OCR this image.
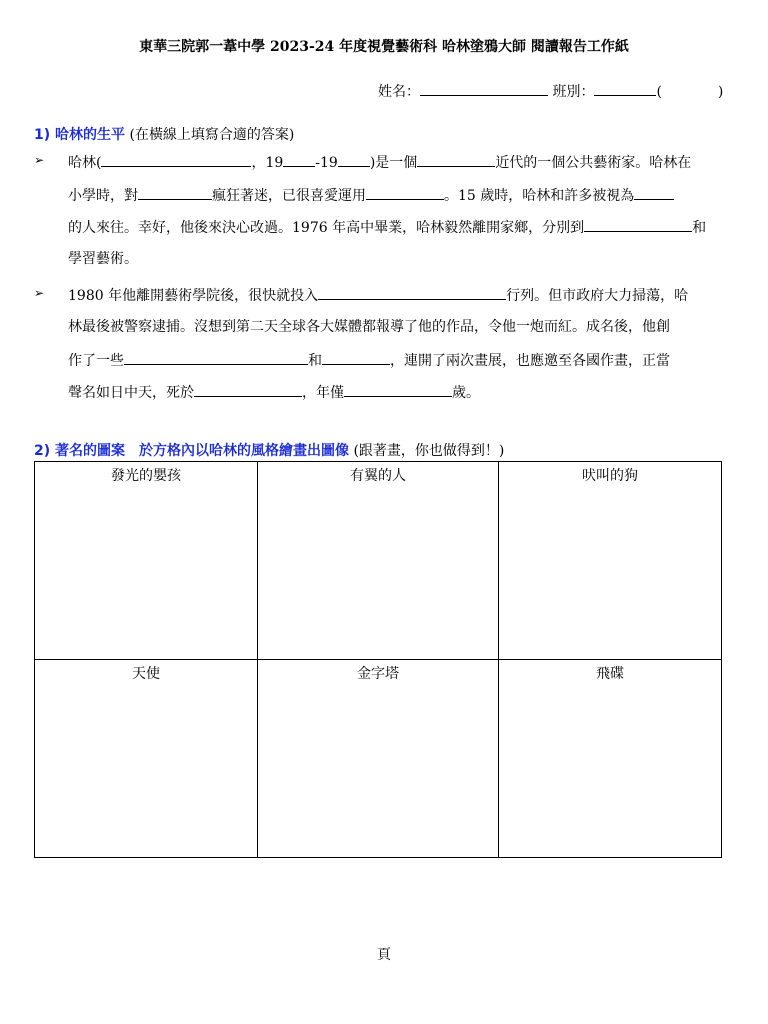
東華三院郭一葦中學 2023-24 年度視覺藝術科 哈林塗鴉大師 閱讀報告工作紙
姓名：	班別：	(	)
1) 哈林的生平 (在橫線上填寫合適的答案)
➢ 哈林(	，19 -19 )是一個	近代的一個公共藝術家。哈林在
小學時，對	瘋狂著迷，已很喜愛運用	。15 歲時，哈林和許多被視為
的人來往。幸好，他後來決心改過。1976 年高中畢業，哈林毅然離開家鄉，分別到	和
學習藝術。
➢ 1980 年他離開藝術學院後，很快就投入	行列。但市政府大力掃蕩，哈
林最後被警察逮捕。沒想到第二天全球各大媒體都報導了他的作品，令他一炮而紅。成名後，他創
作了一些	和	，連開了兩次畫展，也應邀至各國作畫，正當
聲名如日中天，死於	，年僅	歲。
2) 著名的圖案　於方格內以哈林的風格繪畫出圖像 (跟著畫，你也做得到！)
發光的嬰孩	有翼的人	吠叫的狗
天使	金字塔	飛碟
頁
